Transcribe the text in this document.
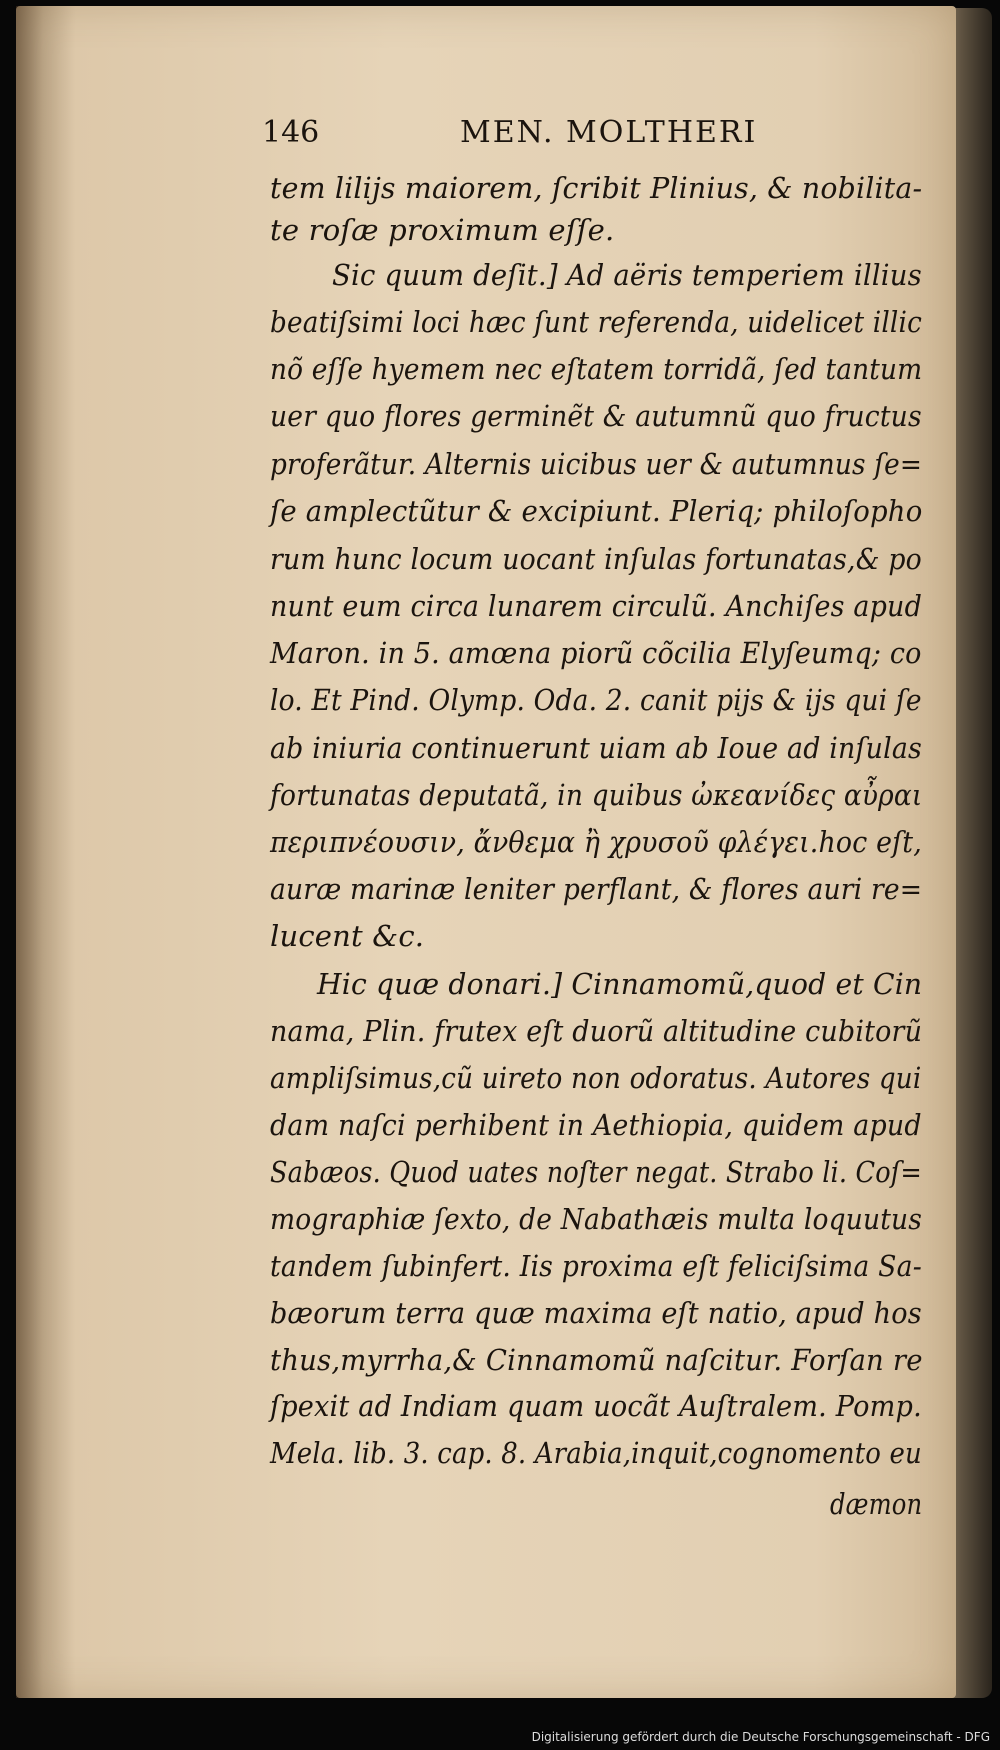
146	MEN. MOLTHERI

tem lilijs maiorem, ſcribit Plinius, & nobilita-

te roſæ proximum eſſe.

Sic quum deſit.] Ad aëris temperiem illius

beatiſsimi loci hæc ſunt referenda, uidelicet illic

nõ eſſe hyemem nec eſtatem torridã, ſed tantum

uer quo flores germinẽt & autumnũ quo fructus

proferãtur. Alternis uicibus uer & autumnus ſe=

ſe amplectũtur & excipiunt. Pleriq; philoſopho

rum hunc locum uocant inſulas fortunatas,& po

nunt eum circa lunarem circulũ. Anchiſes apud

Maron. in 5. amœna piorũ cõcilia Elyſeumq; co

lo. Et Pind. Olymp. Oda. 2. canit pijs & ijs qui ſe

ab iniuria continuerunt uiam ab Ioue ad inſulas

fortunatas deputatã, in quibus ὠκεανίδες αὖραι

περιπνέουσιν, ἄνθεμα ἢ χρυσοῦ φλέγει.hoc eſt,

auræ marinæ leniter perflant, & flores auri re=

lucent &c.

Hic quæ donari.] Cinnamomũ,quod et Cin

nama, Plin. frutex eſt duorũ altitudine cubitorũ

ampliſsimus,cũ uireto non odoratus. Autores qui

dam naſci perhibent in Aethiopia, quidem apud

Sabæos. Quod uates noſter negat. Strabo li. Coſ=

mographiæ ſexto, de Nabathæis multa loquutus

tandem ſubinfert. Iis proxima eſt feliciſsima Sa-

bæorum terra quæ maxima eſt natio, apud hos

thus,myrrha,& Cinnamomũ naſcitur. Forſan re

ſpexit ad Indiam quam uocãt Auſtralem. Pomp.

Mela. lib. 3. cap. 8. Arabia,inquit,cognomento eu

dæmon

Digitalisierung gefördert durch die Deutsche Forschungsgemeinschaft - DFG
